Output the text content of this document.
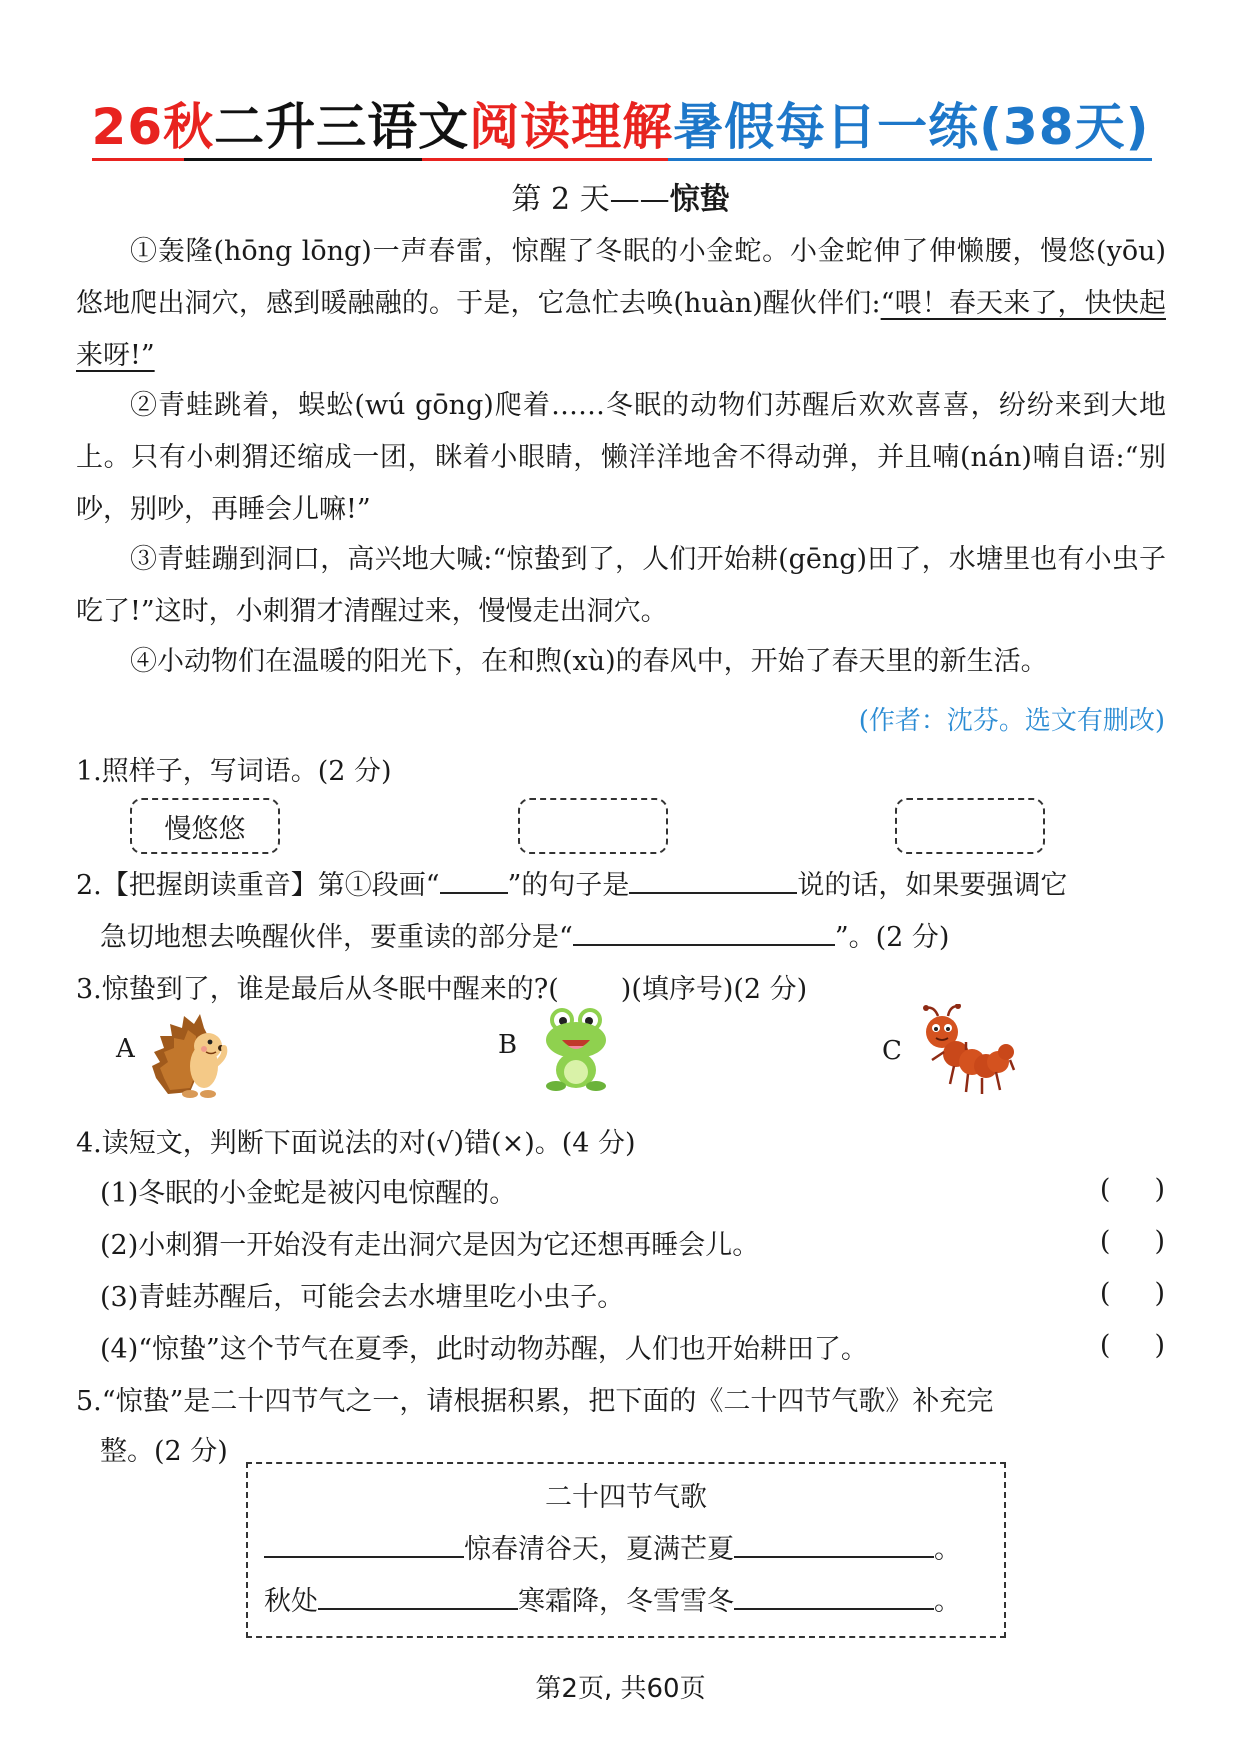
26秋二升三语文阅读理解暑假每日一练(38天)
第 2 天——惊蛰
①轰隆(hōng lōng)一声春雷，惊醒了冬眠的小金蛇。小金蛇伸了伸懒腰，慢悠(yōu)悠地爬出洞穴，感到暖融融的。于是，它急忙去唤(huàn)醒伙伴们:“喂！春天来了，快快起来呀!”
②青蛙跳着，蜈蚣(wú gōng)爬着……冬眠的动物们苏醒后欢欢喜喜，纷纷来到大地上。只有小刺猬还缩成一团，眯着小眼睛，懒洋洋地舍不得动弹，并且喃(nán)喃自语:“别吵，别吵，再睡会儿嘛!”
③青蛙蹦到洞口，高兴地大喊:“惊蛰到了，人们开始耕(gēng)田了，水塘里也有小虫子吃了!”这时，小刺猬才清醒过来，慢慢走出洞穴。
④小动物们在温暖的阳光下，在和煦(xù)的春风中，开始了春天里的新生活。
(作者：沈芬。选文有删改)
1.照样子，写词语。(2 分)
慢悠悠
2.【把握朗读重音】第①段画“	”的句子是	说的话，如果要强调它
急切地想去唤醒伙伴，要重读的部分是“	”。(2 分)
3.惊蛰到了，谁是最后从冬眠中醒来的?( )(填序号)(2 分)
A	B	C
4.读短文，判断下面说法的对(√)错(×)。(4 分)
(1)冬眠的小金蛇是被闪电惊醒的。	( )
(2)小刺猬一开始没有走出洞穴是因为它还想再睡会儿。	( )
(3)青蛙苏醒后，可能会去水塘里吃小虫子。	( )
(4)“惊蛰”这个节气在夏季，此时动物苏醒，人们也开始耕田了。	( )
5.“惊蛰”是二十四节气之一，请根据积累，把下面的《二十四节气歌》补充完
整。(2 分)
二十四节气歌
惊春清谷天，夏满芒夏	。
秋处	寒霜降，冬雪雪冬	。
第2页, 共60页
